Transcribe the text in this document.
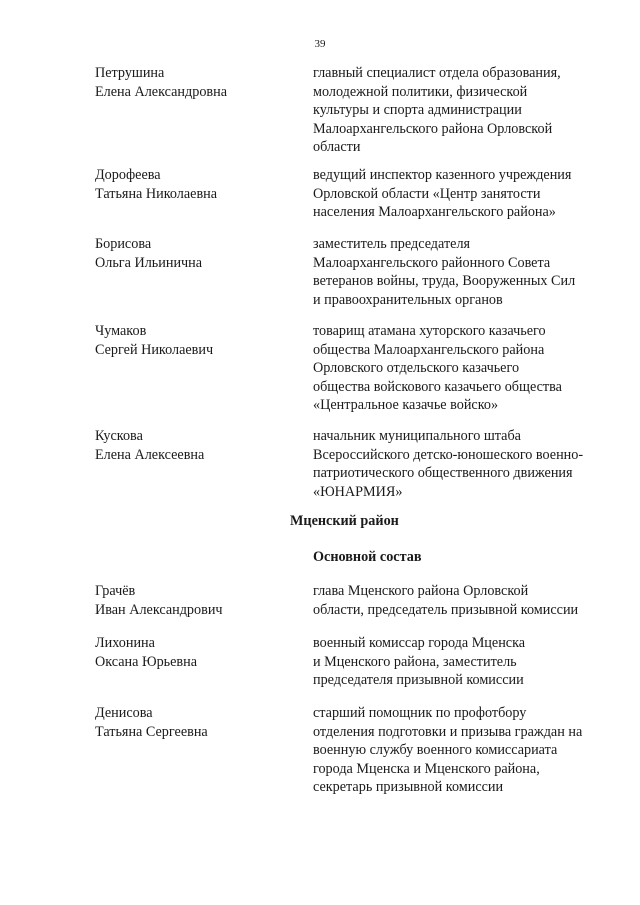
39
Петрушина
Елена Александровна
главный специалист отдела образования,
молодежной политики, физической
культуры и спорта администрации
Малоархангельского района Орловской
области
Дорофеева
Татьяна Николаевна
ведущий инспектор казенного учреждения
Орловской области «Центр занятости
населения Малоархангельского района»
Борисова
Ольга Ильинична
заместитель председателя
Малоархангельского районного Совета
ветеранов войны, труда, Вооруженных Сил
и правоохранительных органов
Чумаков
Сергей Николаевич
товарищ атамана хуторского казачьего
общества Малоархангельского района
Орловского отдельского казачьего
общества войскового казачьего общества
«Центральное казачье войско»
Кускова
Елена Алексеевна
начальник муниципального штаба
Всероссийского детско-юношеского военно-
патриотического общественного движения
«ЮНАРМИЯ»
Мценский район
Основной состав
Грачёв
Иван Александрович
глава Мценского района Орловской
области, председатель призывной комиссии
Лихонина
Оксана Юрьевна
военный комиссар города Мценска
и Мценского района, заместитель
председателя призывной комиссии
Денисова
Татьяна Сергеевна
старший помощник по профотбору
отделения подготовки и призыва граждан на
военную службу военного комиссариата
города Мценска и Мценского района,
секретарь призывной комиссии
